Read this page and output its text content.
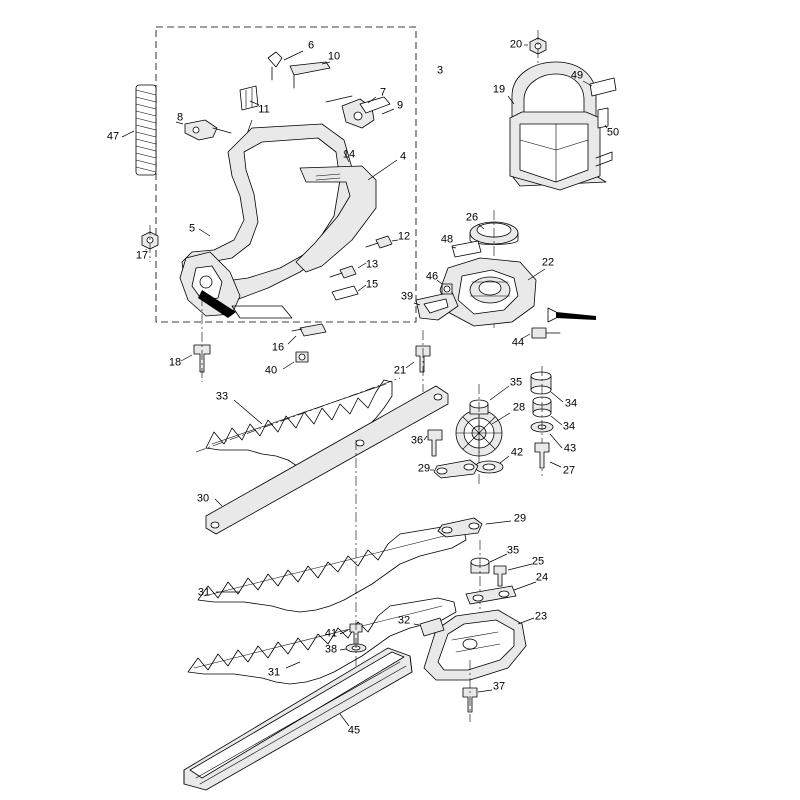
3
6
10
20
49
19
7
11	9
50
8
47
14	4
26
5
12	48
17
13	22
46
15
39
44
18
16
40	21
35
34
33
28
34
36
43
29
42
27
30
29
35
25
24
31
32	23
41
38
31
37
45
